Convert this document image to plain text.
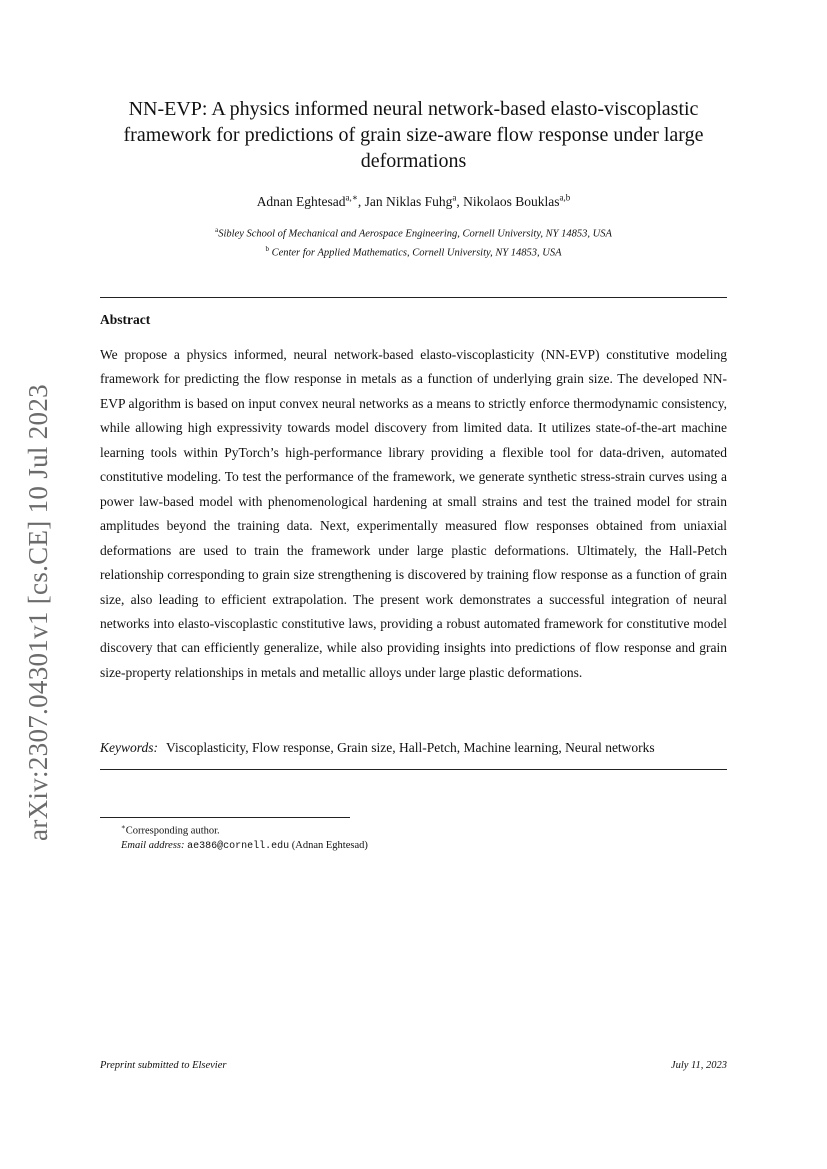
arXiv:2307.04301v1 [cs.CE] 10 Jul 2023
NN-EVP: A physics informed neural network-based elasto-viscoplastic framework for predictions of grain size-aware flow response under large deformations

Adnan Eghtesad$^{a,∗}$, Jan Niklas Fuhg$^a$, Nikolaos Bouklas$^{a,b}$

$^a$Sibley School of Mechanical and Aerospace Engineering, Cornell University, NY 14853, USA
$^b$ Center for Applied Mathematics, Cornell University, NY 14853, USA
Abstract

We propose a physics informed, neural network-based elasto-viscoplasticity (NN-EVP) constitutive modeling framework for predicting the flow response in metals as a function of underlying grain size. The developed NN-EVP algorithm is based on input convex neural networks as a means to strictly enforce thermodynamic consistency, while allowing high expressivity towards model discovery from limited data. It utilizes state-of-the-art machine learning tools within PyTorch’s high-performance library providing a flexible tool for data-driven, automated constitutive modeling. To test the performance of the framework, we generate synthetic stress-strain curves using a power law-based model with phenomenological hardening at small strains and test the trained model for strain amplitudes beyond the training data. Next, experimentally measured flow responses obtained from uniaxial deformations are used to train the framework under large plastic deformations. Ultimately, the Hall-Petch relationship corresponding to grain size strengthening is discovered by training flow response as a function of grain size, also leading to efficient extrapolation. The present work demonstrates a successful integration of neural networks into elasto-viscoplastic constitutive laws, providing a robust automated framework for constitutive model discovery that can efficiently generalize, while also providing insights into predictions of flow response and grain size-property relationships in metals and metallic alloys under large plastic deformations.

Keywords: Viscoplasticity, Flow response, Grain size, Hall-Petch, Machine learning, Neural networks

∗Corresponding author.
Email address: ae386@cornell.edu (Adnan Eghtesad)
Preprint submitted to Elsevier	July 11, 2023
